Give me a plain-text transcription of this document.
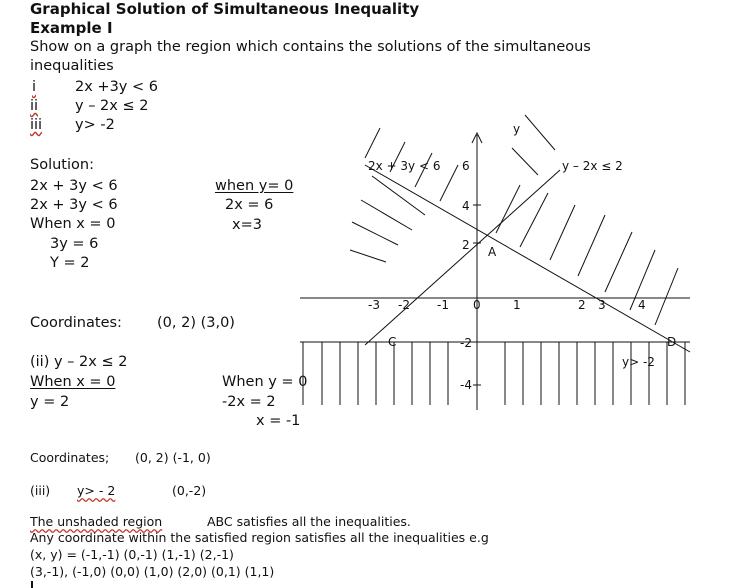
Graphical Solution of Simultaneous Inequality
Example I
Show on a graph the region which contains the solutions of the simultaneous
inequalities
i	2x +3y < 6
ii	y – 2x ≤ 2
iii y> -2
Solution:
2x + 3y < 6
2x + 3y < 6
When x = 0
3y = 6
Y = 2
when y= 0
2x = 6
x=3
Coordinates: (0, 2) (3,0)
(ii) y – 2x ≤ 2
When x = 0
y = 2
When y = 0
-2x = 2
x = -1
Coordinates; (0, 2) (-1, 0)
(iii) y> - 2	(0,-2)
The unshaded region	ABC satisfies all the inequalities.
Any coordinate within the satisfied region satisfies all the inequalities e.g
(x, y) = (-1,-1) (0,-1) (1,-1) (2,-1)
(3,-1), (-1,0) (0,0) (1,0) (2,0) (0,1) (1,1)
y
-3 -2 -1 0	1	2 3	4
6
4
2
-2
-4
2x + 3y < 6	y – 2x ≤ 2
y> -2
A
C	D
